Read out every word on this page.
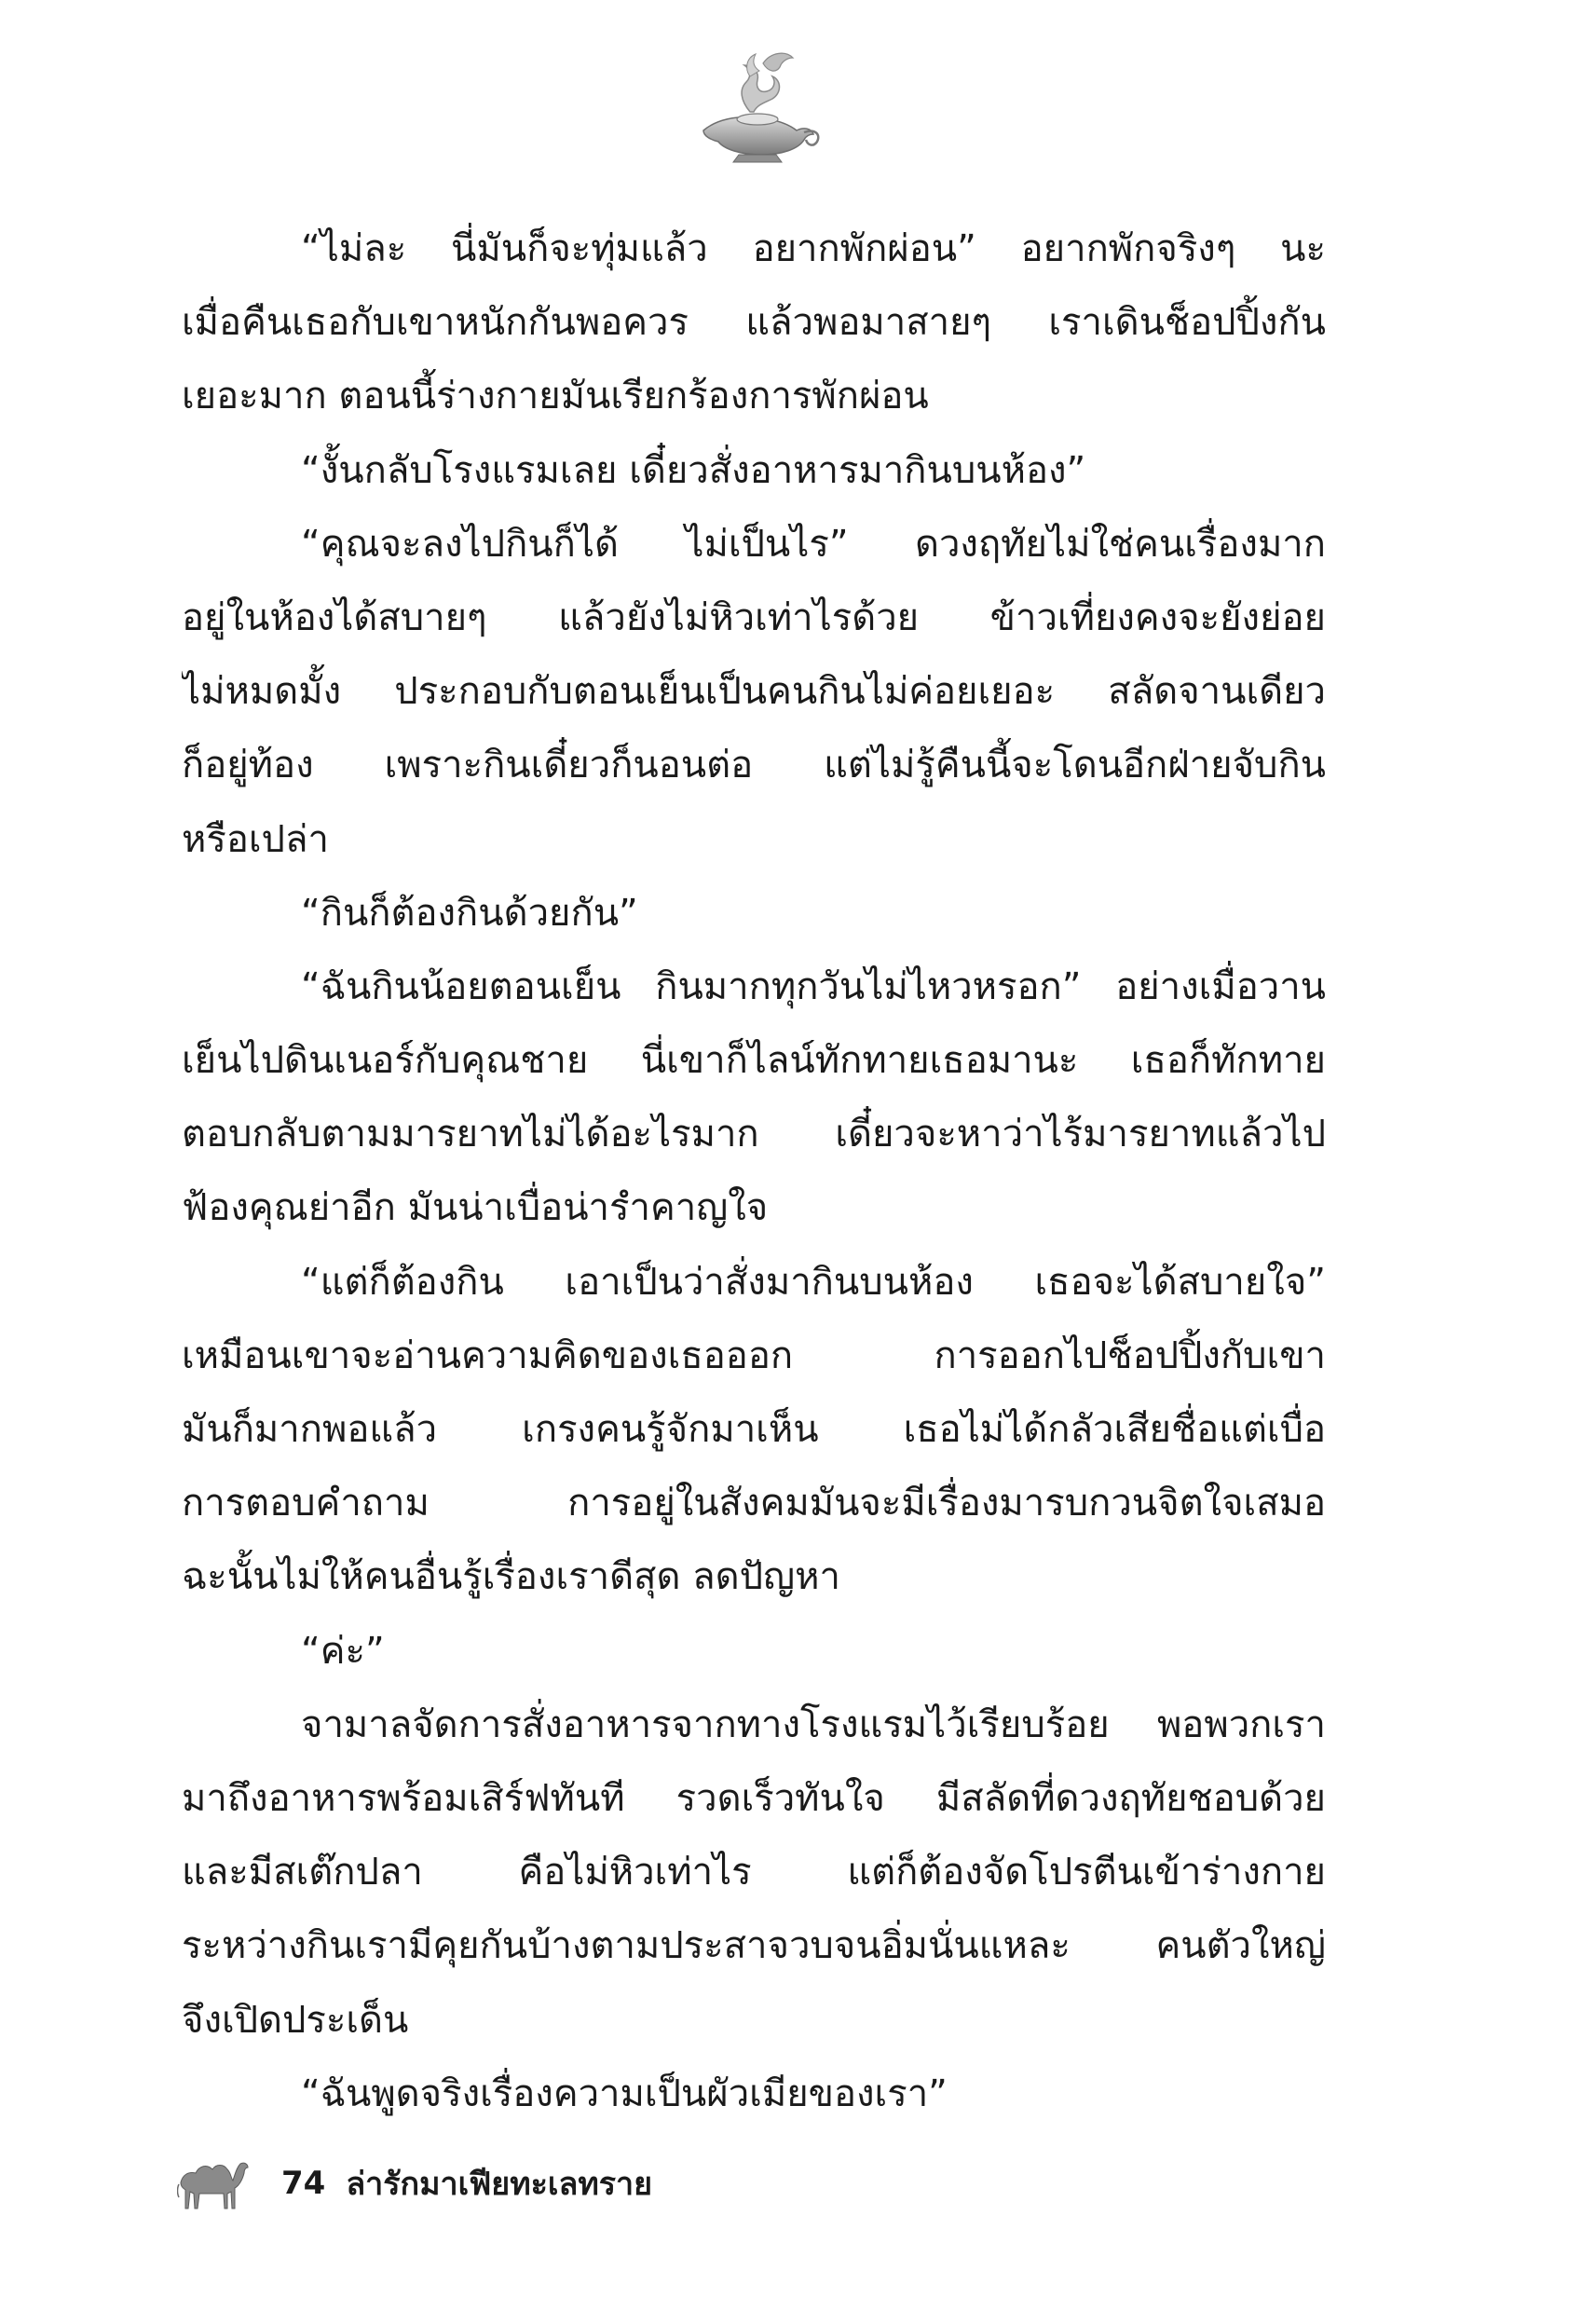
“ไม่ละ นี่มันก็จะทุ่มแล้ว อยากพักผ่อน” อยากพักจริงๆ นะ
เมื่อคืนเธอกับเขาหนักกันพอควร แล้วพอมาสายๆ เราเดินช็อปปิ้งกัน
เยอะมาก ตอนนี้ร่างกายมันเรียกร้องการพักผ่อน
“งั้นกลับโรงแรมเลย เดี๋ยวสั่งอาหารมากินบนห้อง”
“คุณจะลงไปกินก็ได้ ไม่เป็นไร” ดวงฤทัยไม่ใช่คนเรื่องมาก
อยู่ในห้องได้สบายๆ แล้วยังไม่หิวเท่าไรด้วย ข้าวเที่ยงคงจะยังย่อย
ไม่หมดมั้ง ประกอบกับตอนเย็นเป็นคนกินไม่ค่อยเยอะ สลัดจานเดียว
ก็อยู่ท้อง เพราะกินเดี๋ยวก็นอนต่อ แต่ไม่รู้คืนนี้จะโดนอีกฝ่ายจับกิน
หรือเปล่า
“กินก็ต้องกินด้วยกัน”
“ฉันกินน้อยตอนเย็น กินมากทุกวันไม่ไหวหรอก” อย่างเมื่อวาน
เย็นไปดินเนอร์กับคุณชาย นี่เขาก็ไลน์ทักทายเธอมานะ เธอก็ทักทาย
ตอบกลับตามมารยาทไม่ได้อะไรมาก เดี๋ยวจะหาว่าไร้มารยาทแล้วไป
ฟ้องคุณย่าอีก มันน่าเบื่อน่ารำคาญใจ
“แต่ก็ต้องกิน เอาเป็นว่าสั่งมากินบนห้อง เธอจะได้สบายใจ”
เหมือนเขาจะอ่านความคิดของเธอออก การออกไปช็อปปิ้งกับเขา
มันก็มากพอแล้ว เกรงคนรู้จักมาเห็น เธอไม่ได้กลัวเสียชื่อแต่เบื่อ
การตอบคำถาม การอยู่ในสังคมมันจะมีเรื่องมารบกวนจิตใจเสมอ
ฉะนั้นไม่ให้คนอื่นรู้เรื่องเราดีสุด ลดปัญหา
“ค่ะ”
จามาลจัดการสั่งอาหารจากทางโรงแรมไว้เรียบร้อย พอพวกเรา
มาถึงอาหารพร้อมเสิร์ฟทันที รวดเร็วทันใจ มีสลัดที่ดวงฤทัยชอบด้วย
และมีสเต๊กปลา คือไม่หิวเท่าไร แต่ก็ต้องจัดโปรตีนเข้าร่างกาย
ระหว่างกินเรามีคุยกันบ้างตามประสาจวบจนอิ่มนั่นแหละ คนตัวใหญ่
จึงเปิดประเด็น
“ฉันพูดจริงเรื่องความเป็นผัวเมียของเรา”
74 ล่ารักมาเฟียทะเลทราย
